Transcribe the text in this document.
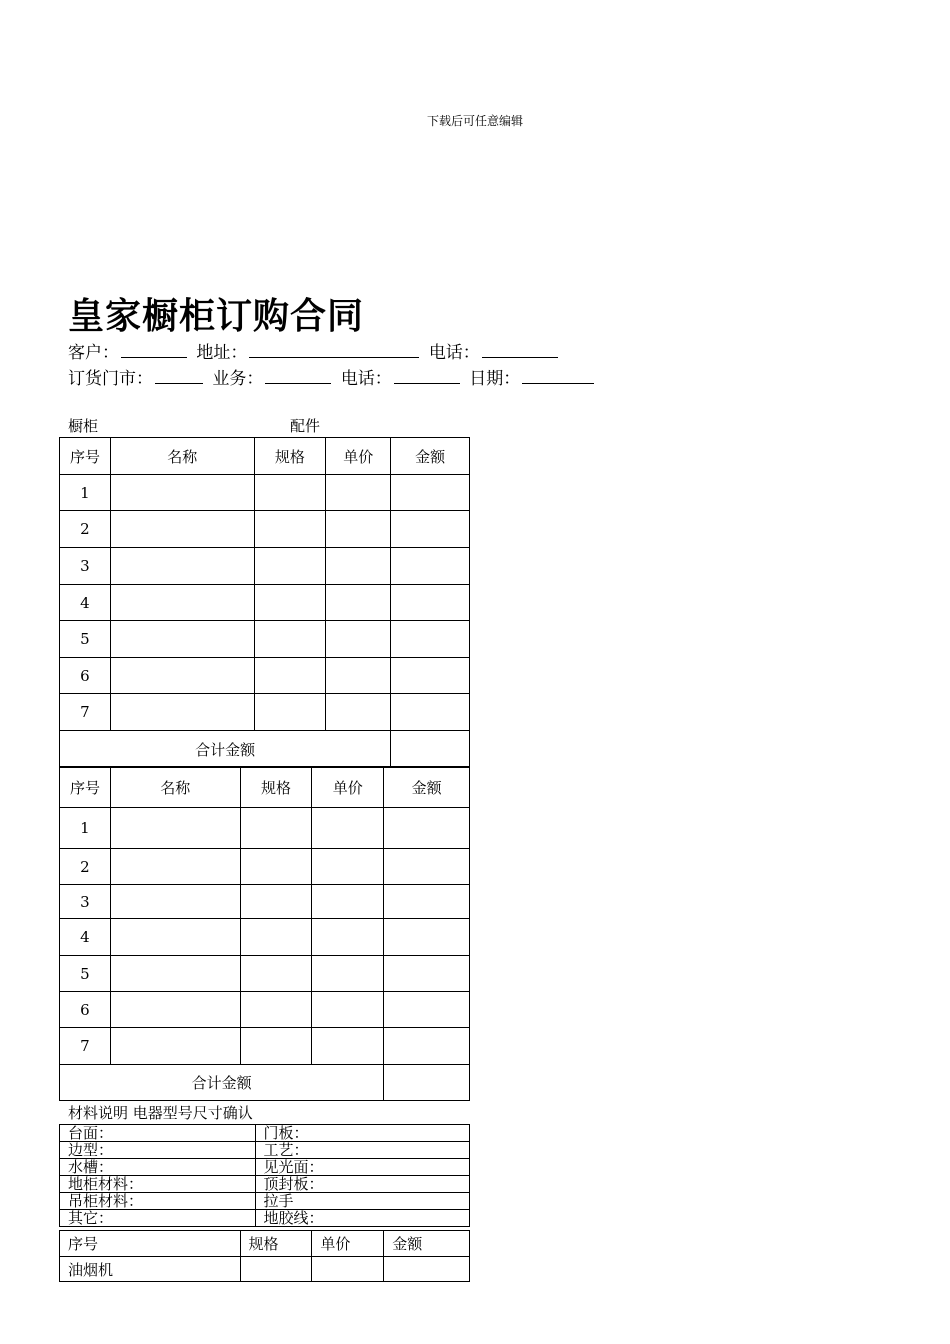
下载后可任意编辑
皇家橱柜订购合同
客户：	地址：	电话：
订货门市：	业务：	电话：	日期：
橱柜	配件
序号	名称	规格	单价	金额
1				
2				
3				
4				
5				
6				
7				
合计金额				
序号	名称	规格	单价	金额
1				
2				
3				
4				
5				
6				
7				
合计金额				
材料说明 电器型号尺寸确认
台面：	门板：
边型：	工艺：
水槽：	见光面：
地柜材料：	顶封板：
吊柜材料：	拉手
其它：	地胶线：
序号	规格	单价	金额
油烟机			
